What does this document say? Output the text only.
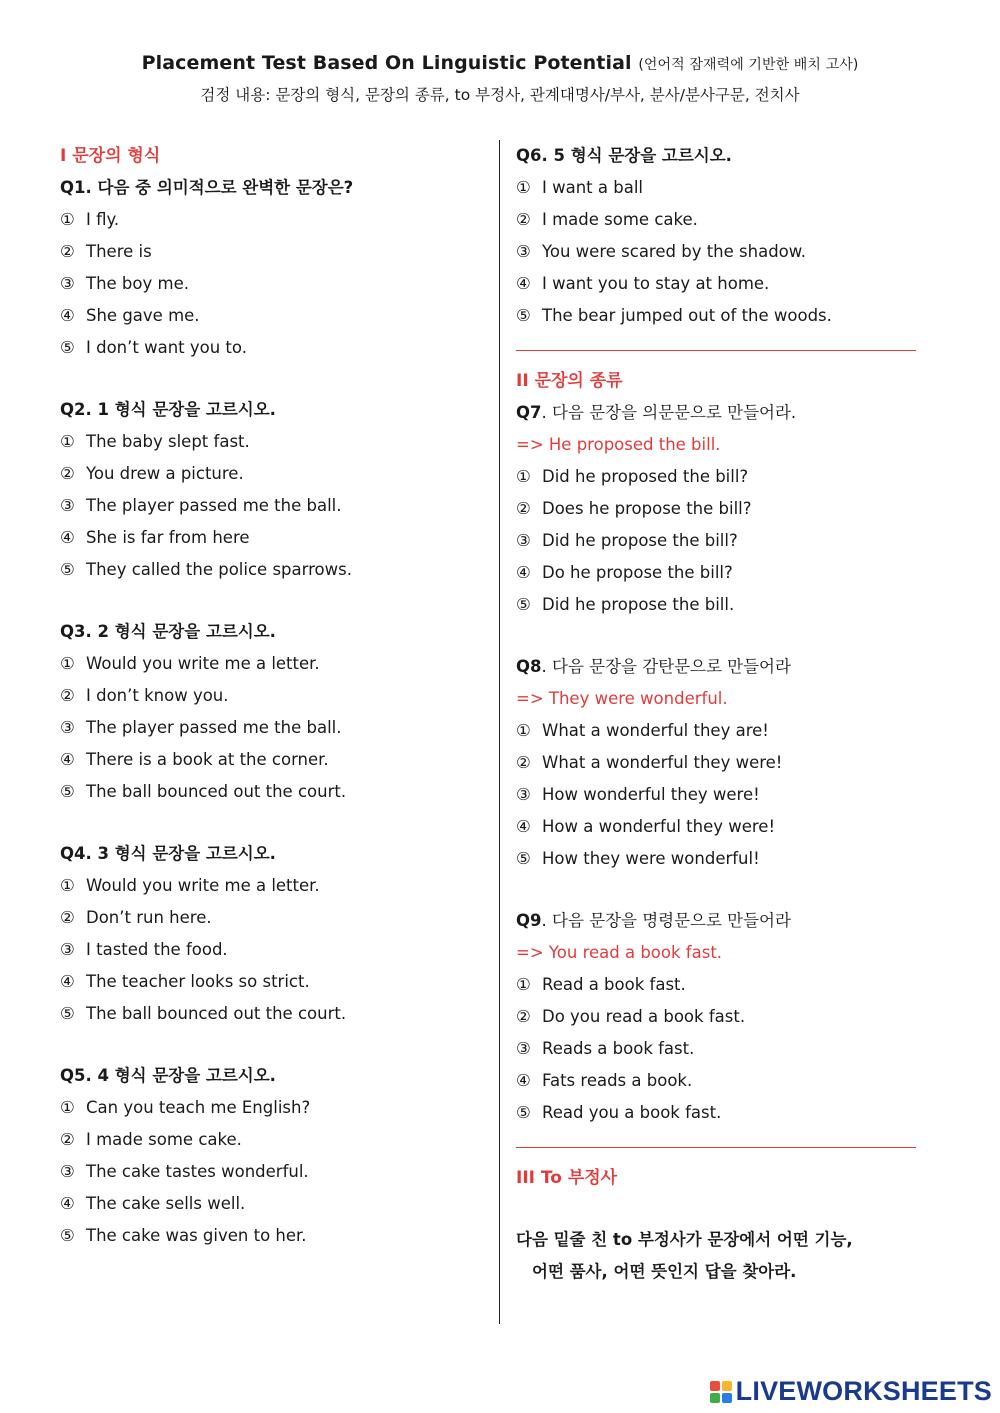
Placement Test Based On Linguistic Potential (언어적 잠재력에 기반한 배치 고사)
검정 내용: 문장의 형식, 문장의 종류, to 부정사, 관계대명사/부사, 분사/분사구문, 전치사
I 문장의 형식
Q1. 다음 중 의미적으로 완벽한 문장은?
① I fly.
② There is
③ The boy me.
④ She gave me.
⑤ I don’t want you to.
Q2. 1 형식 문장을 고르시오.
① The baby slept fast.
② You drew a picture.
③ The player passed me the ball.
④ She is far from here
⑤ They called the police sparrows.
Q3. 2 형식 문장을 고르시오.
① Would you write me a letter.
② I don’t know you.
③ The player passed me the ball.
④ There is a book at the corner.
⑤ The ball bounced out the court.
Q4. 3 형식 문장을 고르시오.
① Would you write me a letter.
② Don’t run here.
③ I tasted the food.
④ The teacher looks so strict.
⑤ The ball bounced out the court.
Q5. 4 형식 문장을 고르시오.
① Can you teach me English?
② I made some cake.
③ The cake tastes wonderful.
④ The cake sells well.
⑤ The cake was given to her.
Q6. 5 형식 문장을 고르시오.
① I want a ball
② I made some cake.
③ You were scared by the shadow.
④ I want you to stay at home.
⑤ The bear jumped out of the woods.
II 문장의 종류
Q7. 다음 문장을 의문문으로 만들어라.
=> He proposed the bill.
① Did he proposed the bill?
② Does he propose the bill?
③ Did he propose the bill?
④ Do he propose the bill?
⑤ Did he propose the bill.
Q8. 다음 문장을 감탄문으로 만들어라
=> They were wonderful.
① What a wonderful they are!
② What a wonderful they were!
③ How wonderful they were!
④ How a wonderful they were!
⑤ How they were wonderful!
Q9. 다음 문장을 명령문으로 만들어라
=> You read a book fast.
① Read a book fast.
② Do you read a book fast.
③ Reads a book fast.
④ Fats reads a book.
⑤ Read you a book fast.
III To 부정사
다음 밑줄 친 to 부정사가 문장에서 어떤 기능,
어떤 품사, 어떤 뜻인지 답을 찾아라.
LIVEWORKSHEETS
